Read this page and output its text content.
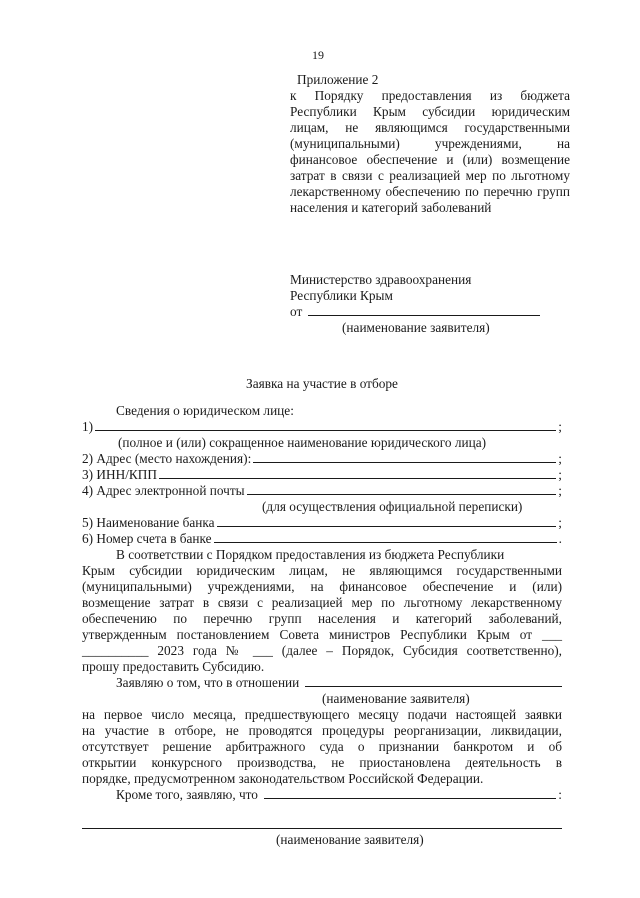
19
Приложение 2
к Порядку предоставления из бюджета Республики Крым субсидии юридическим лицам, не являющимся государственными (муниципальными) учреждениями, на финансовое обеспечение и (или) возмещение затрат в связи с реализацией мер по льготному лекарственному обеспечению по перечню групп населения и категорий заболеваний
Министерство здравоохранения
Республики Крым
от
(наименование заявителя)
Заявка на участие в отборе
Сведения о юридическом лице:
1)	;
(полное и (или) сокращенное наименование юридического лица)
2) Адрес (место нахождения):	;
3) ИНН/КПП	;
4) Адрес электронной почты	;
(для осуществления официальной переписки)
5) Наименование банка	;
6) Номер счета в банке	.
В соответствии с Порядком предоставления из бюджета Республики
Крым субсидии юридическим лицам, не являющимся государственными
(муниципальными) учреждениями, на финансовое обеспечение и (или)
возмещение затрат в связи с реализацией мер по льготному лекарственному
обеспечению по перечню групп населения и категорий заболеваний,
утвержденным постановлением Совета министров Республики Крым от ___
__________ 2023 года № ___ (далее – Порядок, Субсидия соответственно),
прошу предоставить Субсидию.
Заявляю о том, что в отношении
(наименование заявителя)
на первое число месяца, предшествующего месяцу подачи настоящей заявки
на участие в отборе, не проводятся процедуры реорганизации, ликвидации,
отсутствует решение арбитражного суда о признании банкротом и об
открытии конкурсного производства, не приостановлена деятельность в
порядке, предусмотренном законодательством Российской Федерации.
Кроме того, заявляю, что	:
(наименование заявителя)
